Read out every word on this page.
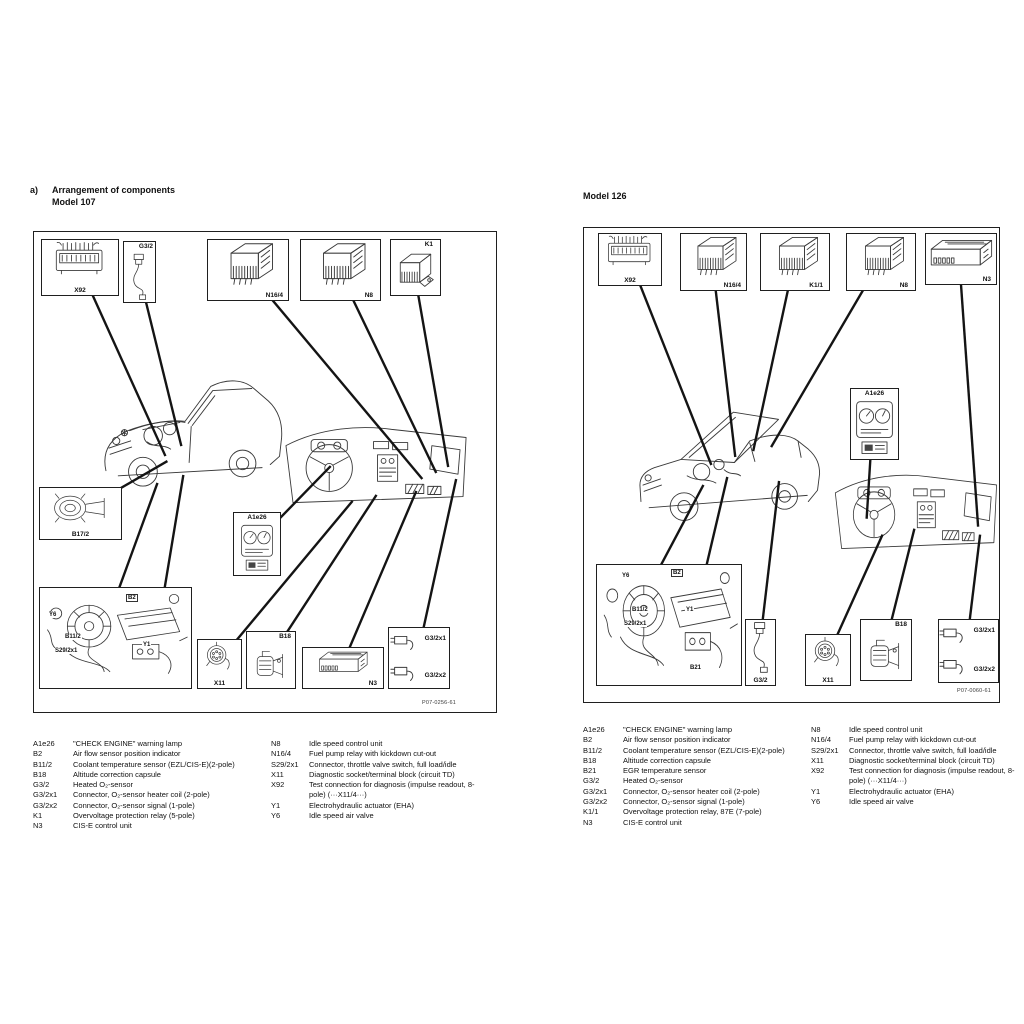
a) Arrangement of components
Model 107
Model 126
X92
G3/2
N16/4	N8
K1
B17/2
A1e26
Y6
B2
B11/2
S29/2x1
Y1
X11
B18
N3
G3/2x1
G3/2x2
P07-0256-61
X92
N16/4	K1/1	N8
N3
A1e26
Y6	B2
B11/2	Y1
S29/2x1
B21
G3/2	X11
B18
G3/2x1
G3/2x2
P07-0060-61
A1e26	"CHECK ENGINE" warning lamp
B2	Air flow sensor position indicator
B11/2	Coolant temperature sensor (EZL/CIS-E)(2-pole)
B18	Altitude correction capsule
G3/2	Heated O₂-sensor
G3/2x1	Connector, O₂-sensor heater coil (2-pole)
G3/2x2	Connector, O₂-sensor signal (1-pole)
K1	Overvoltage protection relay (5-pole)
N3	CIS-E control unit
N8	Idle speed control unit
N16/4	Fuel pump relay with kickdown cut-out
S29/2x1	Connector, throttle valve switch, full load/idle
X11	Diagnostic socket/terminal block (circuit TD)
X92	Test connection for diagnosis (impulse readout, 8-pole) (···X11/4···)
Y1	Electrohydraulic actuator (EHA)
Y6	Idle speed air valve
A1e26	"CHECK ENGINE" warning lamp
B2	Air flow sensor position indicator
B11/2	Coolant temperature sensor (EZL/CIS-E)(2-pole)
B18	Altitude correction capsule
B21	EGR temperature sensor
G3/2	Heated O₂-sensor
G3/2x1	Connector, O₂-sensor heater coil (2-pole)
G3/2x2	Connector, O₂-sensor signal (1-pole)
K1/1	Overvoltage protection relay, 87E (7-pole)
N3	CIS-E control unit
N8	Idle speed control unit
N16/4	Fuel pump relay with kickdown cut-out
S29/2x1	Connector, throttle valve switch, full load/idle
X11	Diagnostic socket/terminal block (circuit TD)
X92	Test connection for diagnosis (impulse readout, 8-pole) (···X11/4···)
Y1	Electrohydraulic actuator (EHA)
Y6	Idle speed air valve
